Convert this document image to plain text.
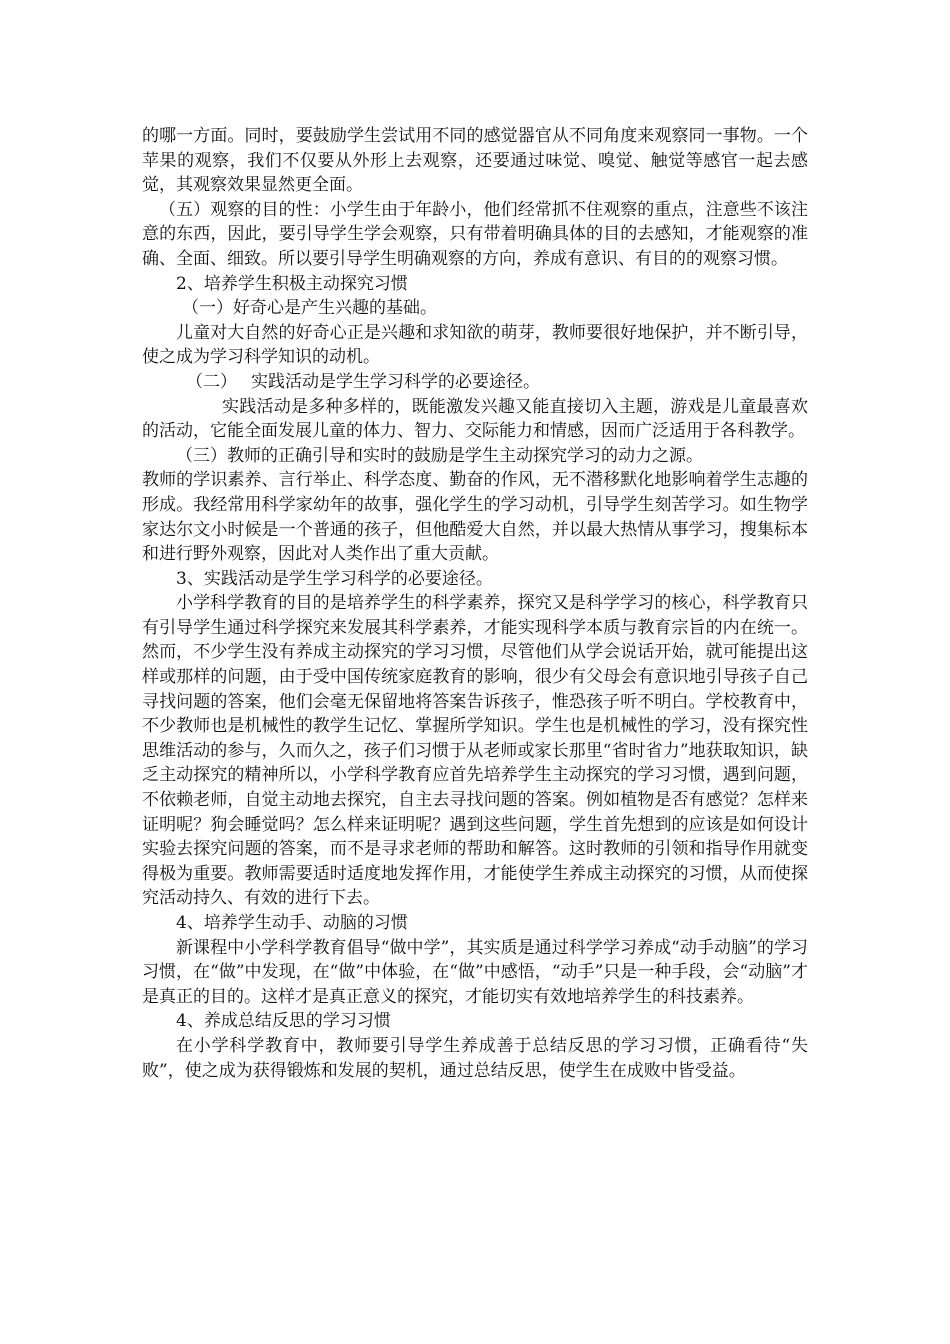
的哪一方面。同时，要鼓励学生尝试用不同的感觉器官从不同角度来观察同一事物。一个苹果的观察，我们不仅要从外形上去观察，还要通过味觉、嗅觉、触觉等感官一起去感觉，其观察效果显然更全面。

（五）观察的目的性：小学生由于年龄小，他们经常抓不住观察的重点，注意些不该注意的东西，因此，要引导学生学会观察，只有带着明确具体的目的去感知，才能观察的准确、全面、细致。所以要引导学生明确观察的方向，养成有意识、有目的的观察习惯。

2、培养学生积极主动探究习惯

（一）好奇心是产生兴趣的基础。

儿童对大自然的好奇心正是兴趣和求知欲的萌芽，教师要很好地保护，并不断引导，使之成为学习科学知识的动机。

（二） 实践活动是学生学习科学的必要途径。

实践活动是多种多样的，既能激发兴趣又能直接切入主题，游戏是儿童最喜欢的活动，它能全面发展儿童的体力、智力、交际能力和情感，因而广泛适用于各科教学。

（三）教师的正确引导和实时的鼓励是学生主动探究学习的动力之源。

教师的学识素养、言行举止、科学态度、勤奋的作风，无不潜移默化地影响着学生志趣的形成。我经常用科学家幼年的故事，强化学生的学习动机，引导学生刻苦学习。如生物学家达尔文小时候是一个普通的孩子，但他酷爱大自然，并以最大热情从事学习，搜集标本和进行野外观察，因此对人类作出了重大贡献。

3、实践活动是学生学习科学的必要途径。

小学科学教育的目的是培养学生的科学素养，探究又是科学学习的核心，科学教育只有引导学生通过科学探究来发展其科学素养，才能实现科学本质与教育宗旨的内在统一。然而，不少学生没有养成主动探究的学习习惯，尽管他们从学会说话开始，就可能提出这样或那样的问题，由于受中国传统家庭教育的影响，很少有父母会有意识地引导孩子自己寻找问题的答案，他们会毫无保留地将答案告诉孩子，惟恐孩子听不明白。学校教育中，不少教师也是机械性的教学生记忆、掌握所学知识。学生也是机械性的学习，没有探究性思维活动的参与，久而久之，孩子们习惯于从老师或家长那里“省时省力”地获取知识，缺乏主动探究的精神所以，小学科学教育应首先培养学生主动探究的学习习惯，遇到问题，不依赖老师，自觉主动地去探究，自主去寻找问题的答案。例如植物是否有感觉？怎样来证明呢？狗会睡觉吗？怎么样来证明呢？遇到这些问题，学生首先想到的应该是如何设计实验去探究问题的答案，而不是寻求老师的帮助和解答。这时教师的引领和指导作用就变得极为重要。教师需要适时适度地发挥作用，才能使学生养成主动探究的习惯，从而使探究活动持久、有效的进行下去。

4、培养学生动手、动脑的习惯

新课程中小学科学教育倡导“做中学”，其实质是通过科学学习养成“动手动脑”的学习习惯，在“做”中发现，在“做”中体验，在“做”中感悟，“动手”只是一种手段，会“动脑”才是真正的目的。这样才是真正意义的探究，才能切实有效地培养学生的科技素养。

4、养成总结反思的学习习惯

在小学科学教育中，教师要引导学生养成善于总结反思的学习习惯，正确看待“失败”，使之成为获得锻炼和发展的契机，通过总结反思，使学生在成败中皆受益。
